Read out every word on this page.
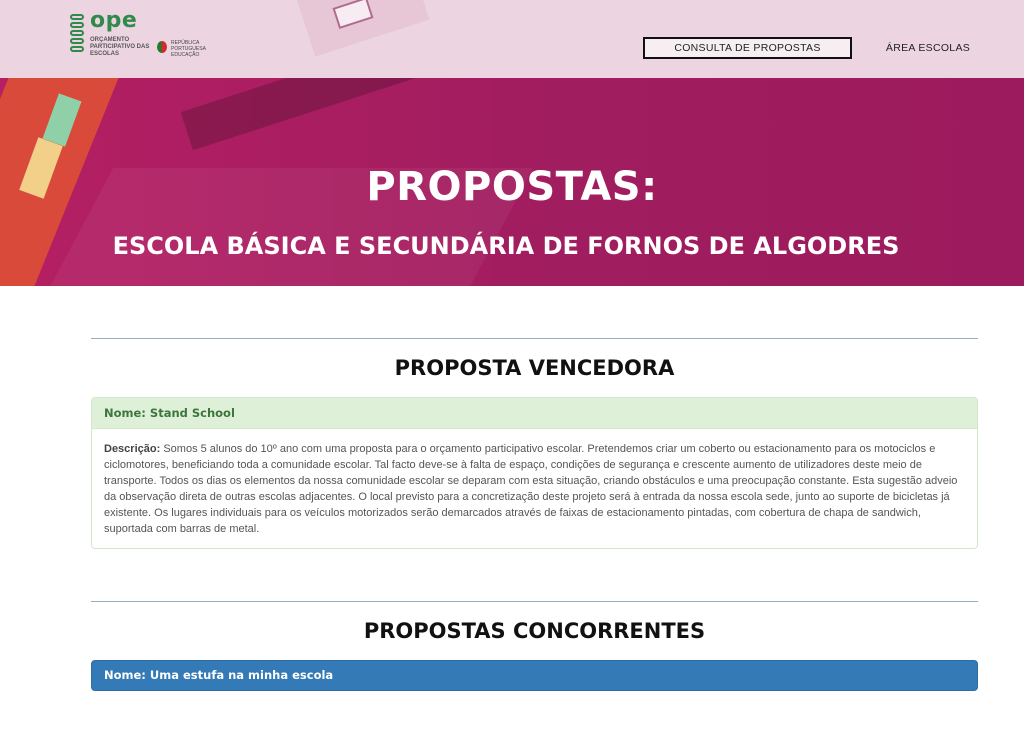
ope
ORÇAMENTO PARTICIPATIVO DAS ESCOLAS
REPÚBLICA PORTUGUESA EDUCAÇÃO
CONSULTA DE PROPOSTAS	ÁREA ESCOLAS
PROPOSTAS:
ESCOLA BÁSICA E SECUNDÁRIA DE FORNOS DE ALGODRES
PROPOSTA VENCEDORA
Nome: Stand School
Descrição: Somos 5 alunos do 10º ano com uma proposta para o orçamento participativo escolar. Pretendemos criar um coberto ou estacionamento para os motociclos e ciclomotores, beneficiando toda a comunidade escolar. Tal facto deve-se à falta de espaço, condições de segurança e crescente aumento de utilizadores deste meio de transporte. Todos os dias os elementos da nossa comunidade escolar se deparam com esta situação, criando obstáculos e uma preocupação constante. Esta sugestão adveio da observação direta de outras escolas adjacentes. O local previsto para a concretização deste projeto será à entrada da nossa escola sede, junto ao suporte de bicicletas já existente. Os lugares individuais para os veículos motorizados serão demarcados através de faixas de estacionamento pintadas, com cobertura de chapa de sandwich, suportada com barras de metal.
PROPOSTAS CONCORRENTES
Nome: Uma estufa na minha escola
